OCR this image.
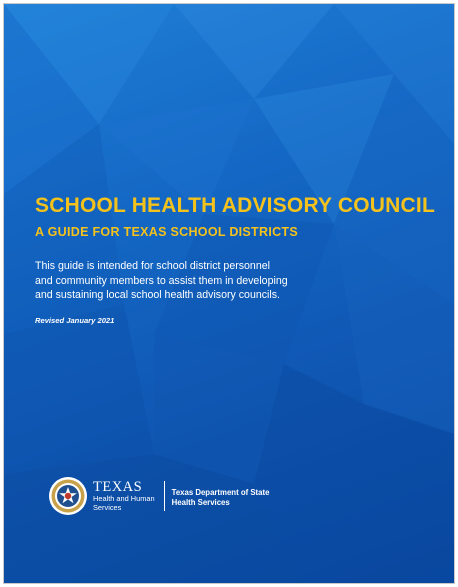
SCHOOL HEALTH ADVISORY COUNCIL
A GUIDE FOR TEXAS SCHOOL DISTRICTS
This guide is intended for school district personnel
and community members to assist them in developing
and sustaining local school health advisory councils.
Revised January 2021
TEXAS
Health and Human
Services
Texas Department of State
Health Services
